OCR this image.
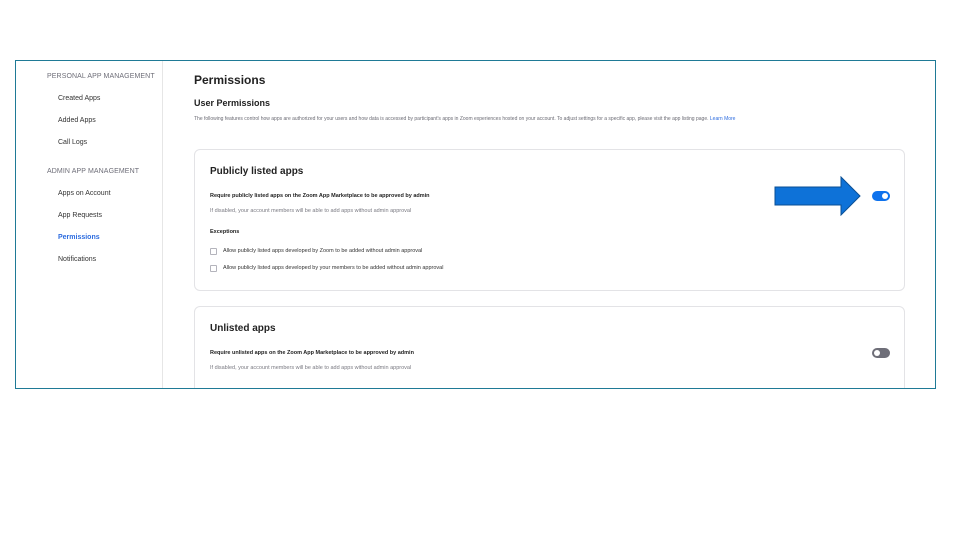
PERSONAL APP MANAGEMENT
Created Apps
Added Apps
Call Logs
ADMIN APP MANAGEMENT
Apps on Account
App Requests
Permissions
Notifications
Permissions
User Permissions
The following features control how apps are authorized for your users and how data is accessed by participant's apps in Zoom experiences hosted on your account. To adjust settings for a specific app, please visit the app listing page. Learn More
Publicly listed apps
Require publicly listed apps on the Zoom App Marketplace to be approved by admin
If disabled, your account members will be able to add apps without admin approval
Exceptions
Allow publicly listed apps developed by Zoom to be added without admin approval
Allow publicly listed apps developed by your members to be added without admin approval
Unlisted apps
Require unlisted apps on the Zoom App Marketplace to be approved by admin
If disabled, your account members will be able to add apps without admin approval
